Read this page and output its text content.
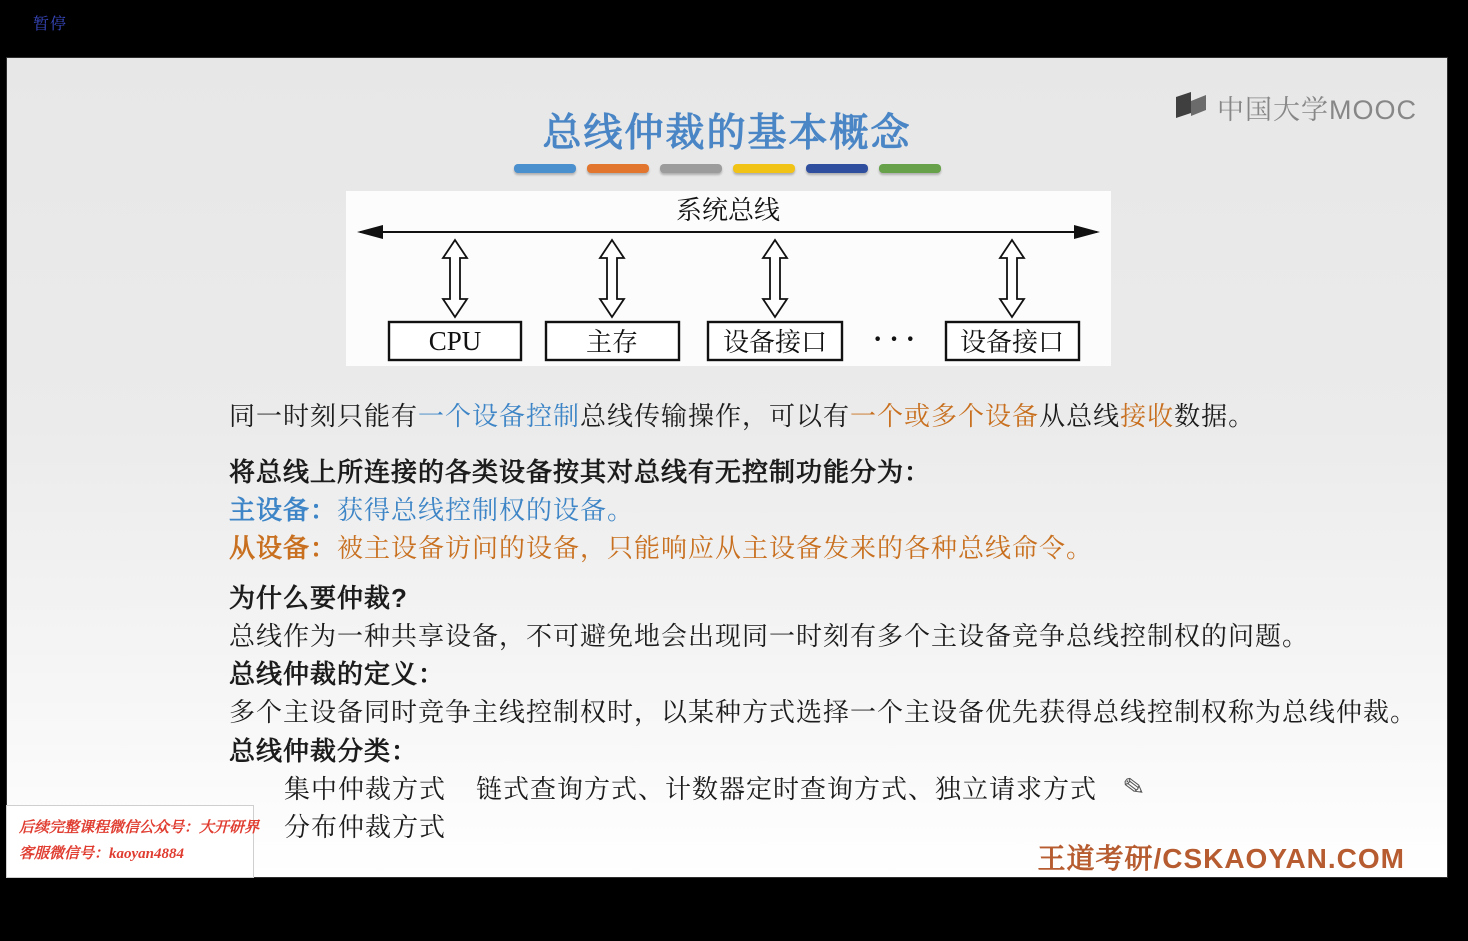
暂停
总线仲裁的基本概念
中国大学MOOC
系统总线
CPU	主存	设备接口 · · · 设备接口
同一时刻只能有一个设备控制总线传输操作，可以有一个或多个设备从总线接收数据。
将总线上所连接的各类设备按其对总线有无控制功能分为：
主设备：获得总线控制权的设备。
从设备：被主设备访问的设备，只能响应从主设备发来的各种总线命令。
为什么要仲裁?
总线作为一种共享设备，不可避免地会出现同一时刻有多个主设备竞争总线控制权的问题。
总线仲裁的定义：
多个主设备同时竞争主线控制权时，以某种方式选择一个主设备优先获得总线控制权称为总线仲裁。
总线仲裁分类：
集中仲裁方式 链式查询方式、计数器定时查询方式、独立请求方式 ✎
分布仲裁方式
后续完整课程微信公众号：大开研界
客服微信号：kaoyan4884	王道考研/CSKAOYAN.COM
